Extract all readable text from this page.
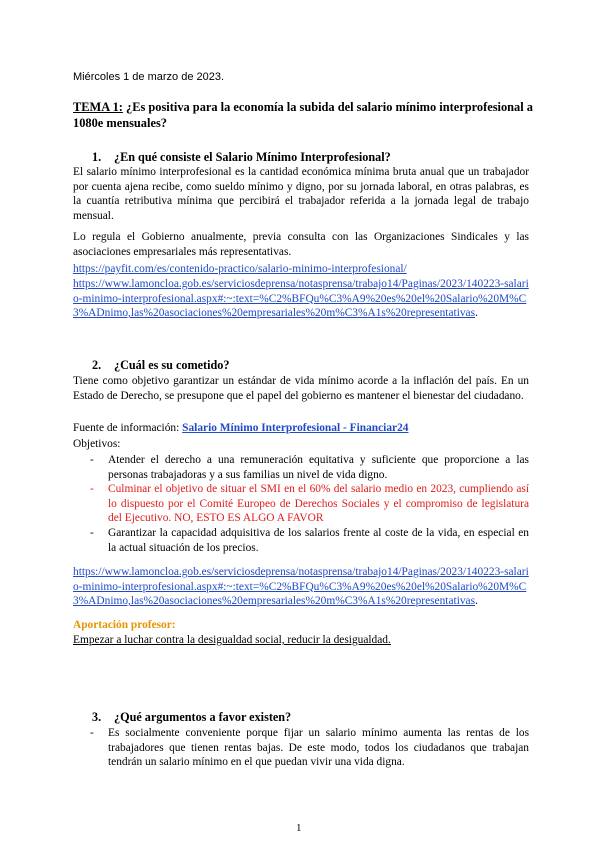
Miércoles 1 de marzo de 2023.
TEMA 1: ¿Es positiva para la economía la subida del salario mínimo interprofesional a 1080e mensuales?
1. ¿En qué consiste el Salario Mínimo Interprofesional?
El salario mínimo interprofesional es la cantidad económica mínima bruta anual que un trabajador por cuenta ajena recibe, como sueldo mínimo y digno, por su jornada laboral, en otras palabras, es la cuantía retributiva mínima que percibirá el trabajador referida a la jornada legal de trabajo mensual.
Lo regula el Gobierno anualmente, previa consulta con las Organizaciones Sindicales y las asociaciones empresariales más representativas.
https://payfit.com/es/contenido-practico/salario-minimo-interprofesional/
https://www.lamoncloa.gob.es/serviciosdeprensa/notasprensa/trabajo14/Paginas/2023/140223-salario-minimo-interprofesional.aspx#:~:text=%C2%BFQu%C3%A9%20es%20el%20Salario%20M%C3%ADnimo,las%20asociaciones%20empresariales%20m%C3%A1s%20representativas.
2. ¿Cuál es su cometido?
Tiene como objetivo garantizar un estándar de vida mínimo acorde a la inflación del país. En un Estado de Derecho, se presupone que el papel del gobierno es mantener el bienestar del ciudadano.
Fuente de información: Salario Mínimo Interprofesional - Financiar24
Objetivos:
- Atender el derecho a una remuneración equitativa y suficiente que proporcione a las personas trabajadoras y a sus familias un nivel de vida digno.
- Culminar el objetivo de situar el SMI en el 60% del salario medio en 2023, cumpliendo así lo dispuesto por el Comité Europeo de Derechos Sociales y el compromiso de legislatura del Ejecutivo. NO, ESTO ES ALGO A FAVOR
- Garantizar la capacidad adquisitiva de los salarios frente al coste de la vida, en especial en la actual situación de los precios.
https://www.lamoncloa.gob.es/serviciosdeprensa/notasprensa/trabajo14/Paginas/2023/140223-salario-minimo-interprofesional.aspx#:~:text=%C2%BFQu%C3%A9%20es%20el%20Salario%20M%C3%ADnimo,las%20asociaciones%20empresariales%20m%C3%A1s%20representativas.
Aportación profesor:
Empezar a luchar contra la desigualdad social, reducir la desigualdad.
3. ¿Qué argumentos a favor existen?
- Es socialmente conveniente porque fijar un salario mínimo aumenta las rentas de los trabajadores que tienen rentas bajas. De este modo, todos los ciudadanos que trabajan tendrán un salario mínimo en el que puedan vivir una vida digna.
1
